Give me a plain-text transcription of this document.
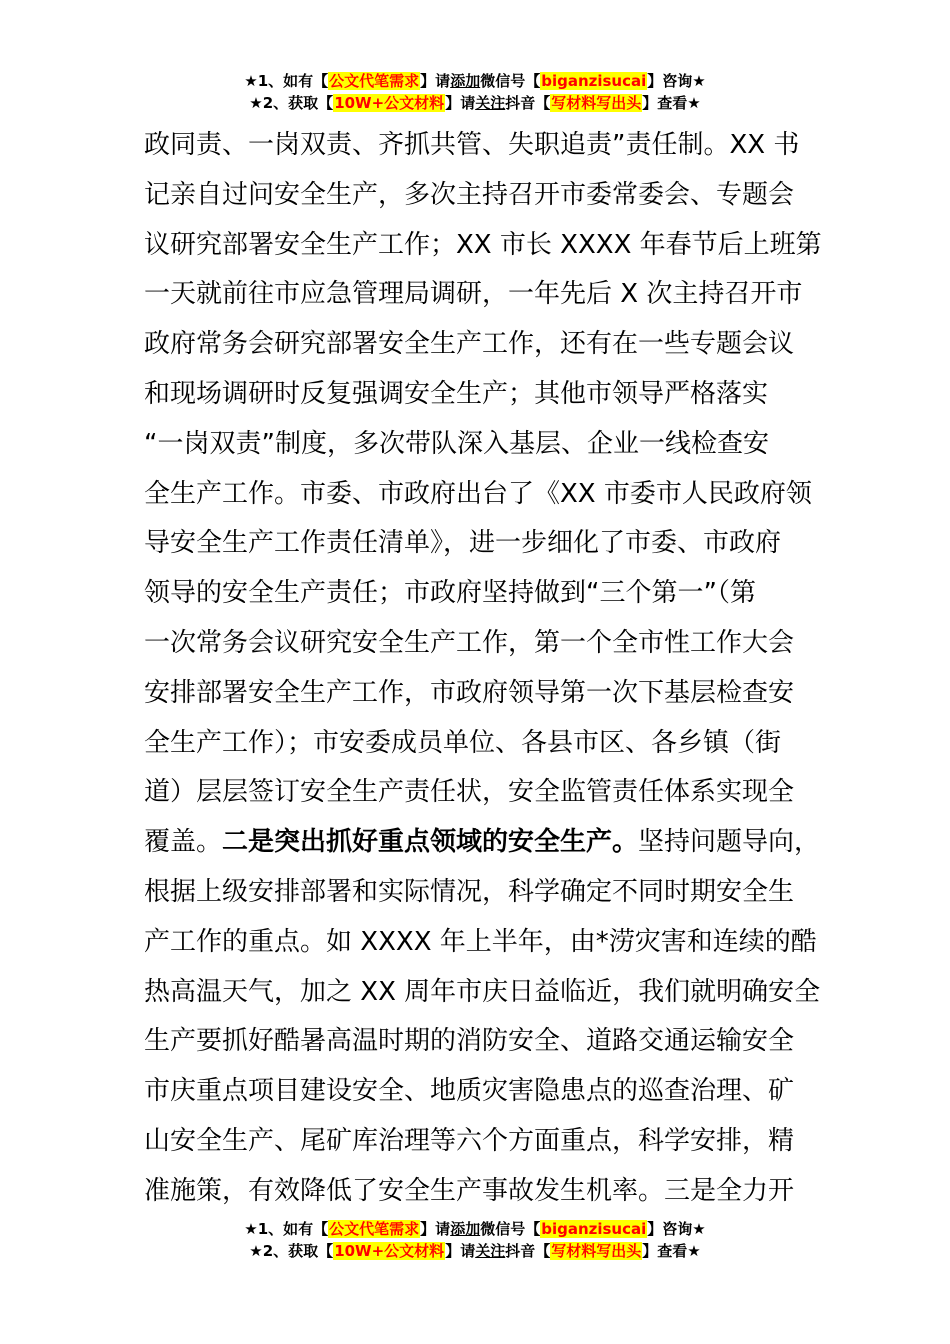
★1、如有【公文代笔需求】请添加微信号【biganzisucai】咨询★
★2、获取【10W+公文材料】请关注抖音【写材料写出头】查看★
政同责、一岗双责、齐抓共管、失职追责”责任制。XX 书
记亲自过问安全生产，多次主持召开市委常委会、专题会
议研究部署安全生产工作；XX 市长 XXXX 年春节后上班第
一天就前往市应急管理局调研，一年先后 X 次主持召开市
政府常务会研究部署安全生产工作，还有在一些专题会议
和现场调研时反复强调安全生产；其他市领导严格落实
“一岗双责”制度，多次带队深入基层、企业一线检查安
全生产工作。市委、市政府出台了《XX 市委市人民政府领
导安全生产工作责任清单》，进一步细化了市委、市政府
领导的安全生产责任；市政府坚持做到“三个第一”（第
一次常务会议研究安全生产工作，第一个全市性工作大会
安排部署安全生产工作，市政府领导第一次下基层检查安
全生产工作）；市安委成员单位、各县市区、各乡镇（街
道）层层签订安全生产责任状，安全监管责任体系实现全
覆盖。二是突出抓好重点领域的安全生产。坚持问题导向，
根据上级安排部署和实际情况，科学确定不同时期安全生
产工作的重点。如 XXXX 年上半年，由*涝灾害和连续的酷
热高温天气，加之 XX 周年市庆日益临近，我们就明确安全
生产要抓好酷暑高温时期的消防安全、道路交通运输安全
市庆重点项目建设安全、地质灾害隐患点的巡查治理、矿
山安全生产、尾矿库治理等六个方面重点，科学安排，精
准施策，有效降低了安全生产事故发生机率。三是全力开
★1、如有【公文代笔需求】请添加微信号【biganzisucai】咨询★
★2、获取【10W+公文材料】请关注抖音【写材料写出头】查看★
